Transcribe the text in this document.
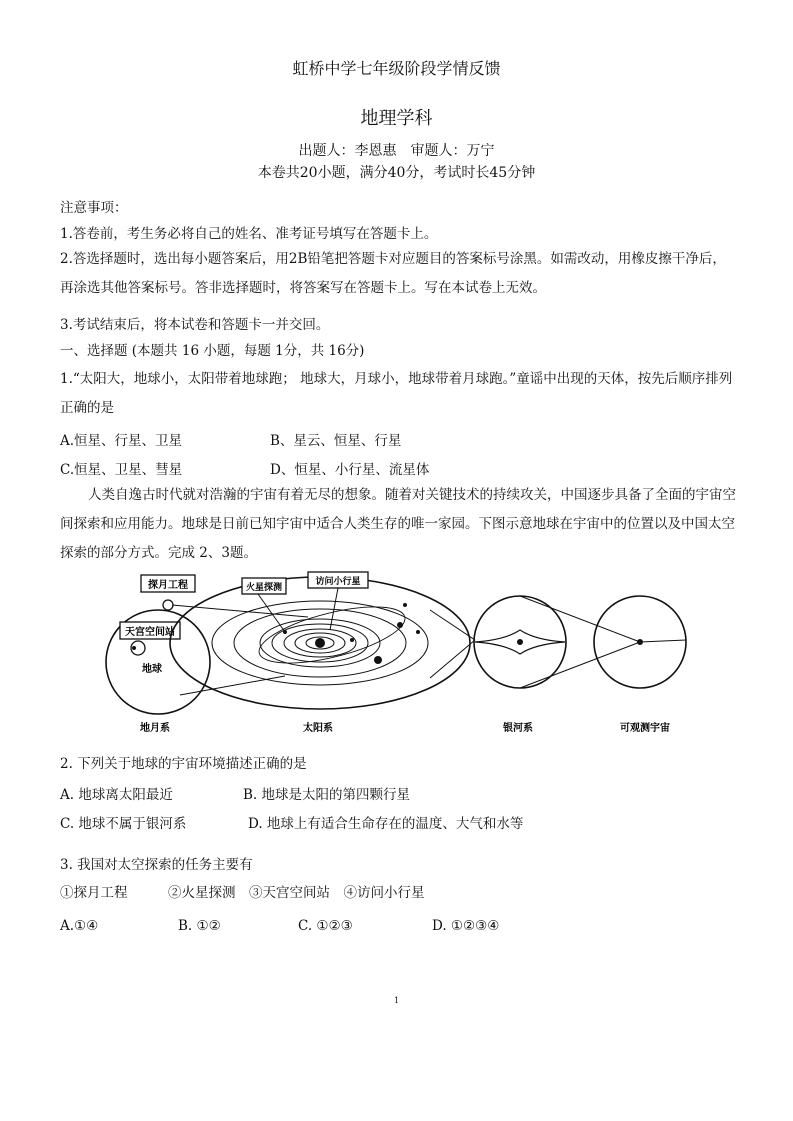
虹桥中学七年级阶段学情反馈
地理学科
出题人：李恩惠　审题人：万宁
本卷共20小题，满分40分，考试时长45分钟
注意事项：
1.答卷前，考生务必将自己的姓名、准考证号填写在答题卡上。
2.答选择题时，选出每小题答案后，用2B铅笔把答题卡对应题目的答案标号涂黑。如需改动，用橡皮擦干净后，再涂选其他答案标号。答非选择题时，将答案写在答题卡上。写在本试卷上无效。
3.考试结束后，将本试卷和答题卡一并交回。
一、选择题 (本题共 16 小题，每题 1分，共 16分)
1.“太阳大，地球小，太阳带着地球跑； 地球大，月球小，地球带着月球跑。”童谣中出现的天体，按先后顺序排列正确的是
A.恒星、行星、卫星	B、星云、恒星、行星
C.恒星、卫星、彗星	D、恒星、小行星、流星体
人类自逸古时代就对浩瀚的宇宙有着无尽的想象。随着对关键技术的持续攻关，中国逐步具备了全面的宇宙空间探索和应用能力。地球是日前已知宇宙中适合人类生存的唯一家园。下图示意地球在宇宙中的位置以及中国太空探索的部分方式。完成 2、3题。
探月工程
天宫空间站
地球
火星探测
访问小行星
地月系	太阳系	银河系	可观测宇宙
2. 下列关于地球的宇宙环境描述正确的是
A. 地球离太阳最近	B. 地球是太阳的第四颗行星
C. 地球不属于银河系	D. 地球上有适合生命存在的温度、大气和水等
3. 我国对太空探索的任务主要有
①探月工程　　　②火星探测　③天宫空间站　④访问小行星
A.①④	B. ①②	C. ①②③	D. ①②③④
1
